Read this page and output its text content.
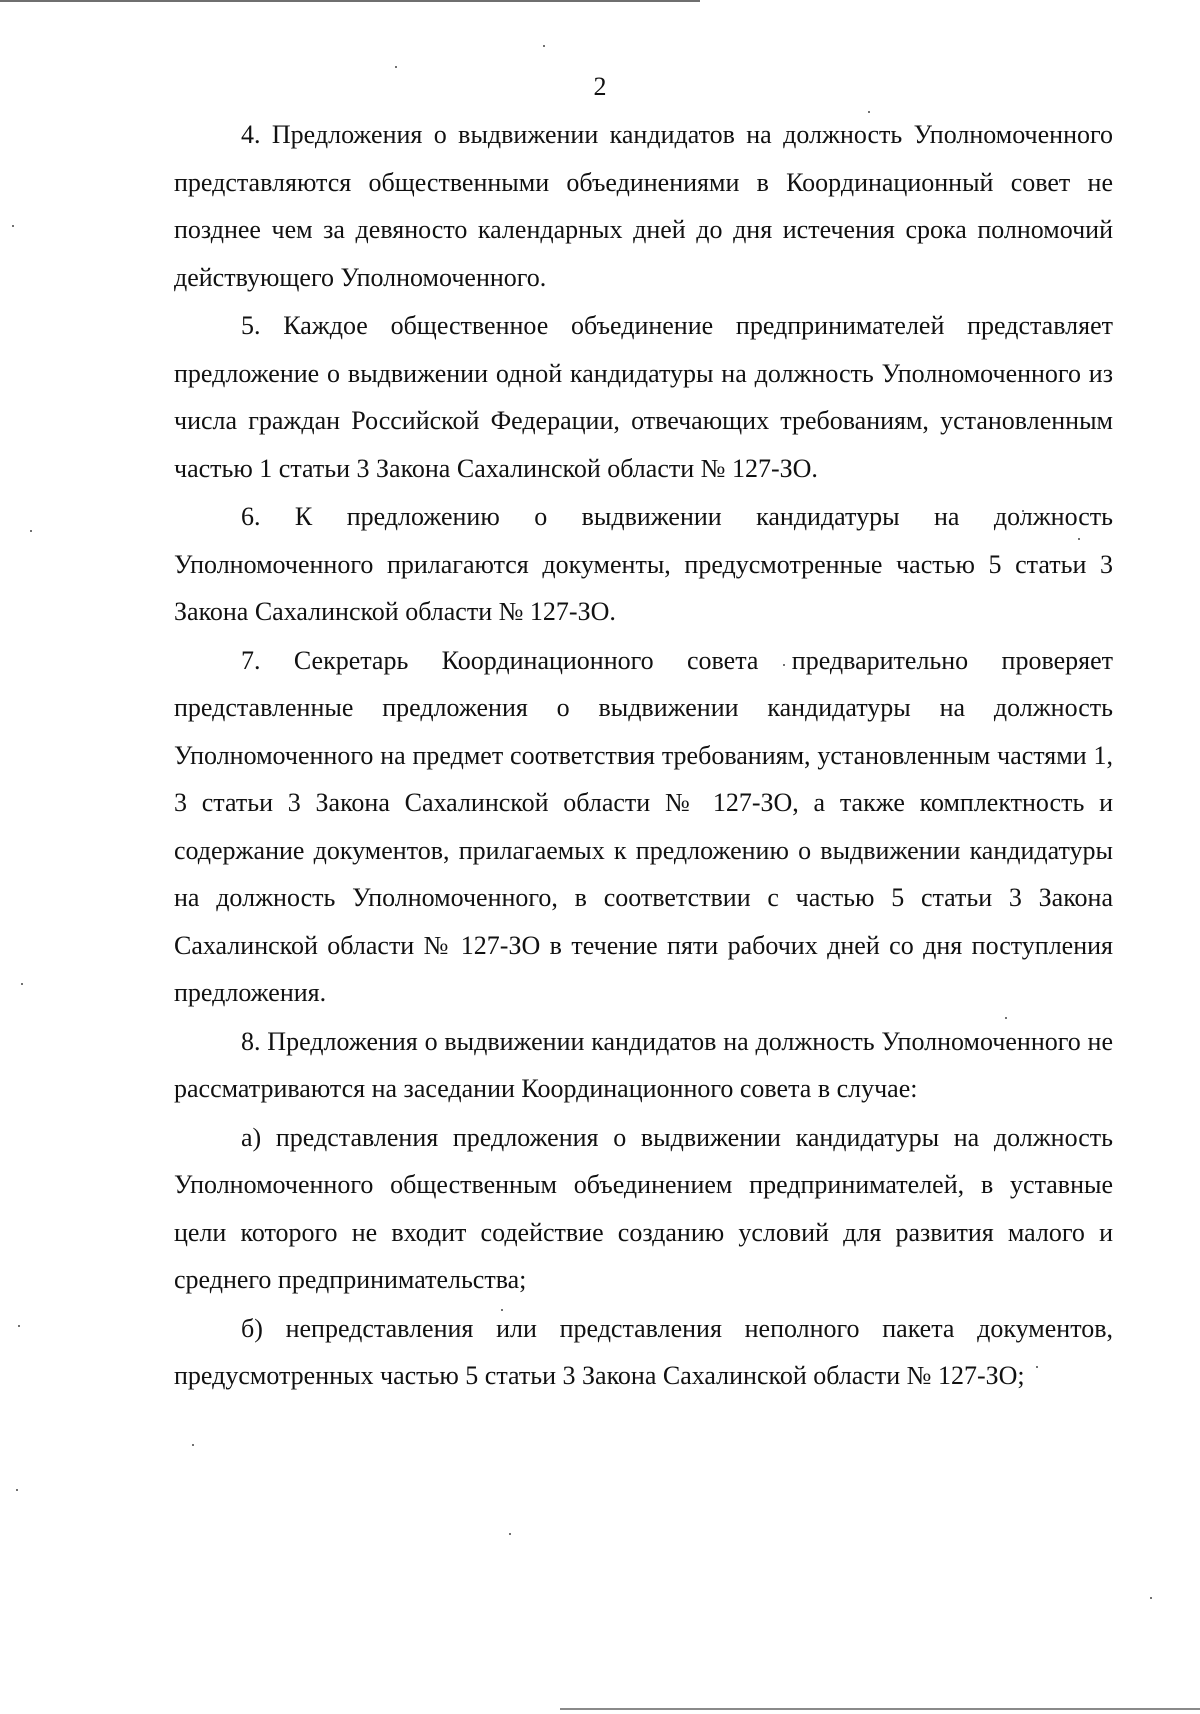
2

4. Предложения о выдвижении кандидатов на должность Уполномоченного представляются общественными объединениями в Координационный совет не позднее чем за девяносто календарных дней до дня истечения срока полномочий действующего Уполномоченного.

5. Каждое общественное объединение предпринимателей представляет предложение о выдвижении одной кандидатуры на должность Уполномоченного из числа граждан Российской Федерации, отвечающих требованиям, установленным частью 1 статьи 3 Закона Сахалинской области № 127-ЗО.

6. К предложению о выдвижении кандидатуры на должность Уполномоченного прилагаются документы, предусмотренные частью 5 статьи 3 Закона Сахалинской области № 127-ЗО.

7. Секретарь Координационного совета предварительно проверяет представленные предложения о выдвижении кандидатуры на должность Уполномоченного на предмет соответствия требованиям, установленным частями 1, 3 статьи 3 Закона Сахалинской области № 127-ЗО, а также комплектность и содержание документов, прилагаемых к предложению о выдвижении кандидатуры на должность Уполномоченного, в соответствии с частью 5 статьи 3 Закона Сахалинской области № 127-ЗО в течение пяти рабочих дней со дня поступления предложения.

8. Предложения о выдвижении кандидатов на должность Уполномоченного не рассматриваются на заседании Координационного совета в случае:

а) представления предложения о выдвижении кандидатуры на должность Уполномоченного общественным объединением предпринимателей, в уставные цели которого не входит содействие созданию условий для развития малого и среднего предпринимательства;

б) непредставления или представления неполного пакета документов, предусмотренных частью 5 статьи 3 Закона Сахалинской области № 127-ЗО;
